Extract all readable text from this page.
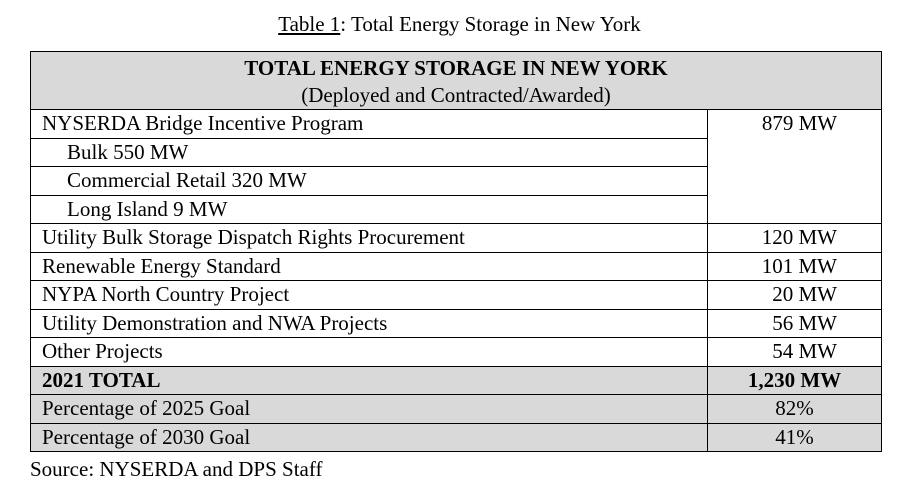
Table 1: Total Energy Storage in New York
TOTAL ENERGY STORAGE IN NEW YORK
(Deployed and Contracted/Awarded)	

NYSERDA Bridge Incentive Program	879 MW
Bulk 550 MW	
Commercial Retail 320 MW	
Long Island 9 MW	
Utility Bulk Storage Dispatch Rights Procurement	120 MW
Renewable Energy Standard	101 MW
NYPA North Country Project	20 MW
Utility Demonstration and NWA Projects	56 MW
Other Projects	54 MW
2021 TOTAL	1,230 MW
Percentage of 2025 Goal	82%
Percentage of 2030 Goal	41%
Source: NYSERDA and DPS Staff
